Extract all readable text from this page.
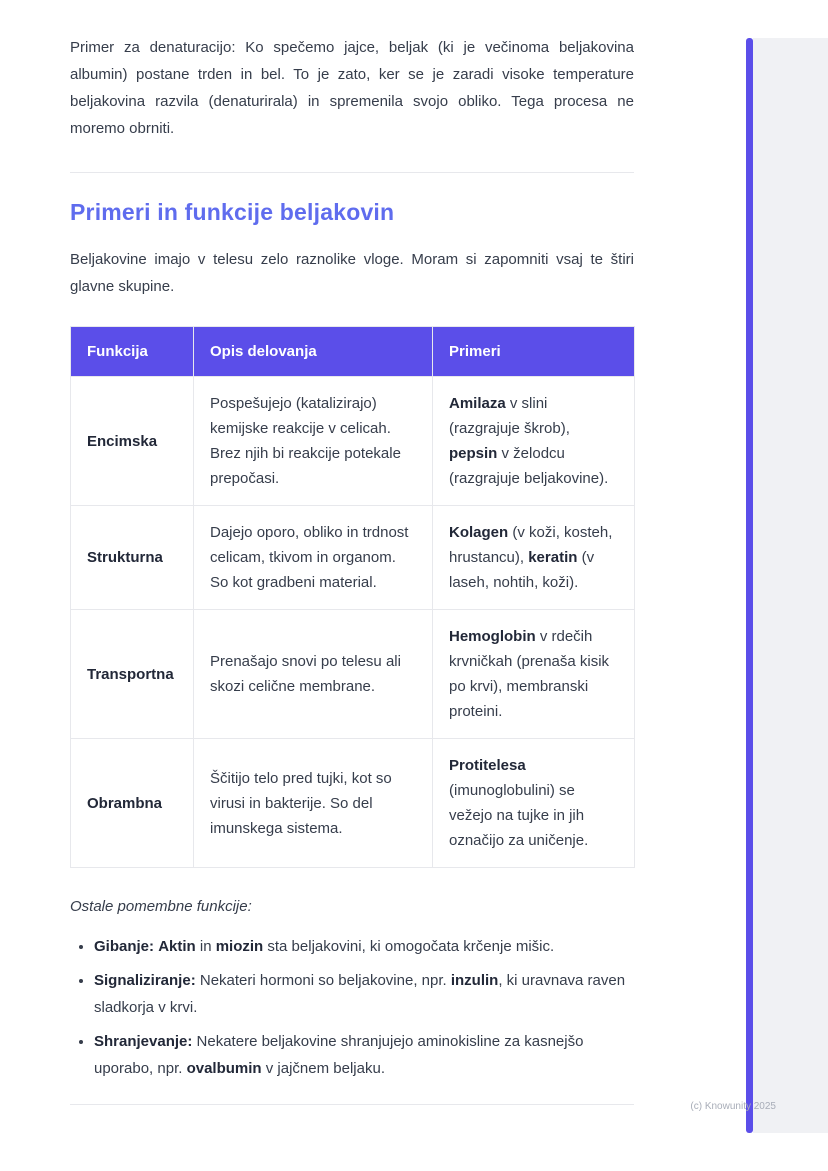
Primer za denaturacijo: Ko spečemo jajce, beljak (ki je večinoma beljakovina albumin) postane trden in bel. To je zato, ker se je zaradi visoke temperature beljakovina razvila (denaturirala) in spremenila svojo obliko. Tega procesa ne moremo obrniti.

Primeri in funkcije beljakovin

Beljakovine imajo v telesu zelo raznolike vloge. Moram si zapomniti vsaj te štiri glavne skupine.

Funkcija	Opis delovanja	Primeri
Encimska	Pospešujejo (katalizirajo) kemijske reakcije v celicah. Brez njih bi reakcije potekale prepočasi.	Amilaza v slini (razgrajuje škrob), pepsin v želodcu (razgrajuje beljakovine).
Strukturna	Dajejo oporo, obliko in trdnost celicam, tkivom in organom. So kot gradbeni material.	Kolagen (v koži, kosteh, hrustancu), keratin (v laseh, nohtih, koži).
Transportna	Prenašajo snovi po telesu ali skozi celične membrane.	Hemoglobin v rdečih krvničkah (prenaša kisik po krvi), membranski proteini.
Obrambna	Ščitijo telo pred tujki, kot so virusi in bakterije. So del imunskega sistema.	Protitelesa (imunoglobulini) se vežejo na tujke in jih označijo za uničenje.

Ostale pomembne funkcije:

• Gibanje: Aktin in miozin sta beljakovini, ki omogočata krčenje mišic.
• Signaliziranje: Nekateri hormoni so beljakovine, npr. inzulin, ki uravnava raven sladkorja v krvi.
• Shranjevanje: Nekatere beljakovine shranjujejo aminokisline za kasnejšo uporabo, npr. ovalbumin v jajčnem beljaku.
(c) Knowunity 2025
